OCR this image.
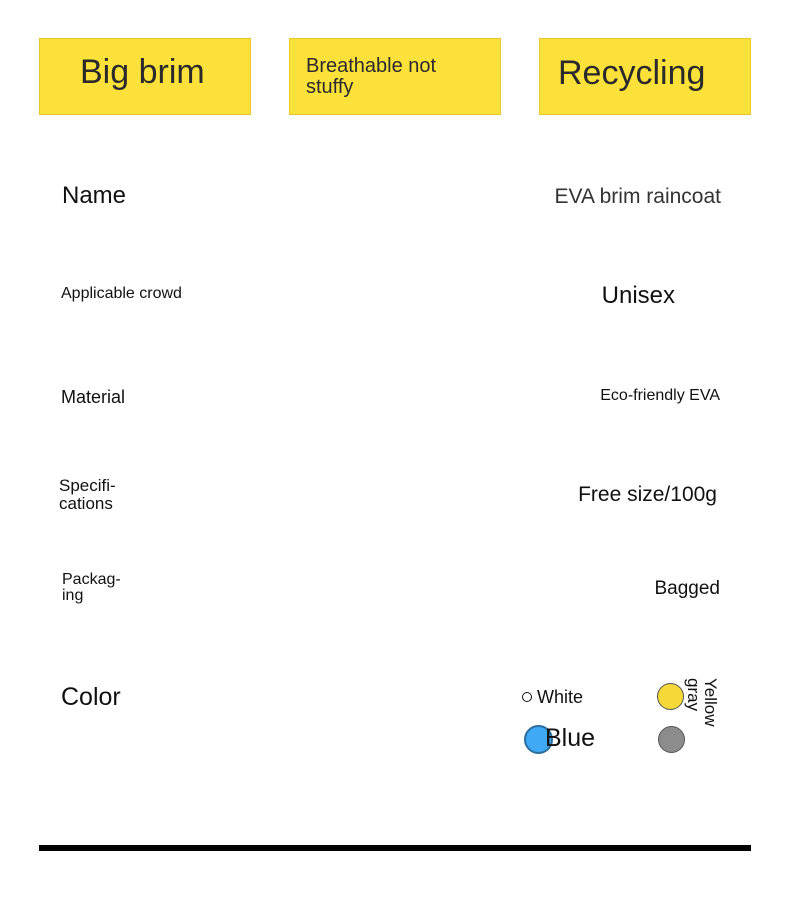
Big brim	Breathable not stuffy	Recycling
Name	EVA brim raincoat
Applicable crowd	Unisex
Material	Eco-friendly EVA
Specifi-
cations	Free size/100g
Packag-
ing	Bagged
Color	White
Blue
Yellow
gray
